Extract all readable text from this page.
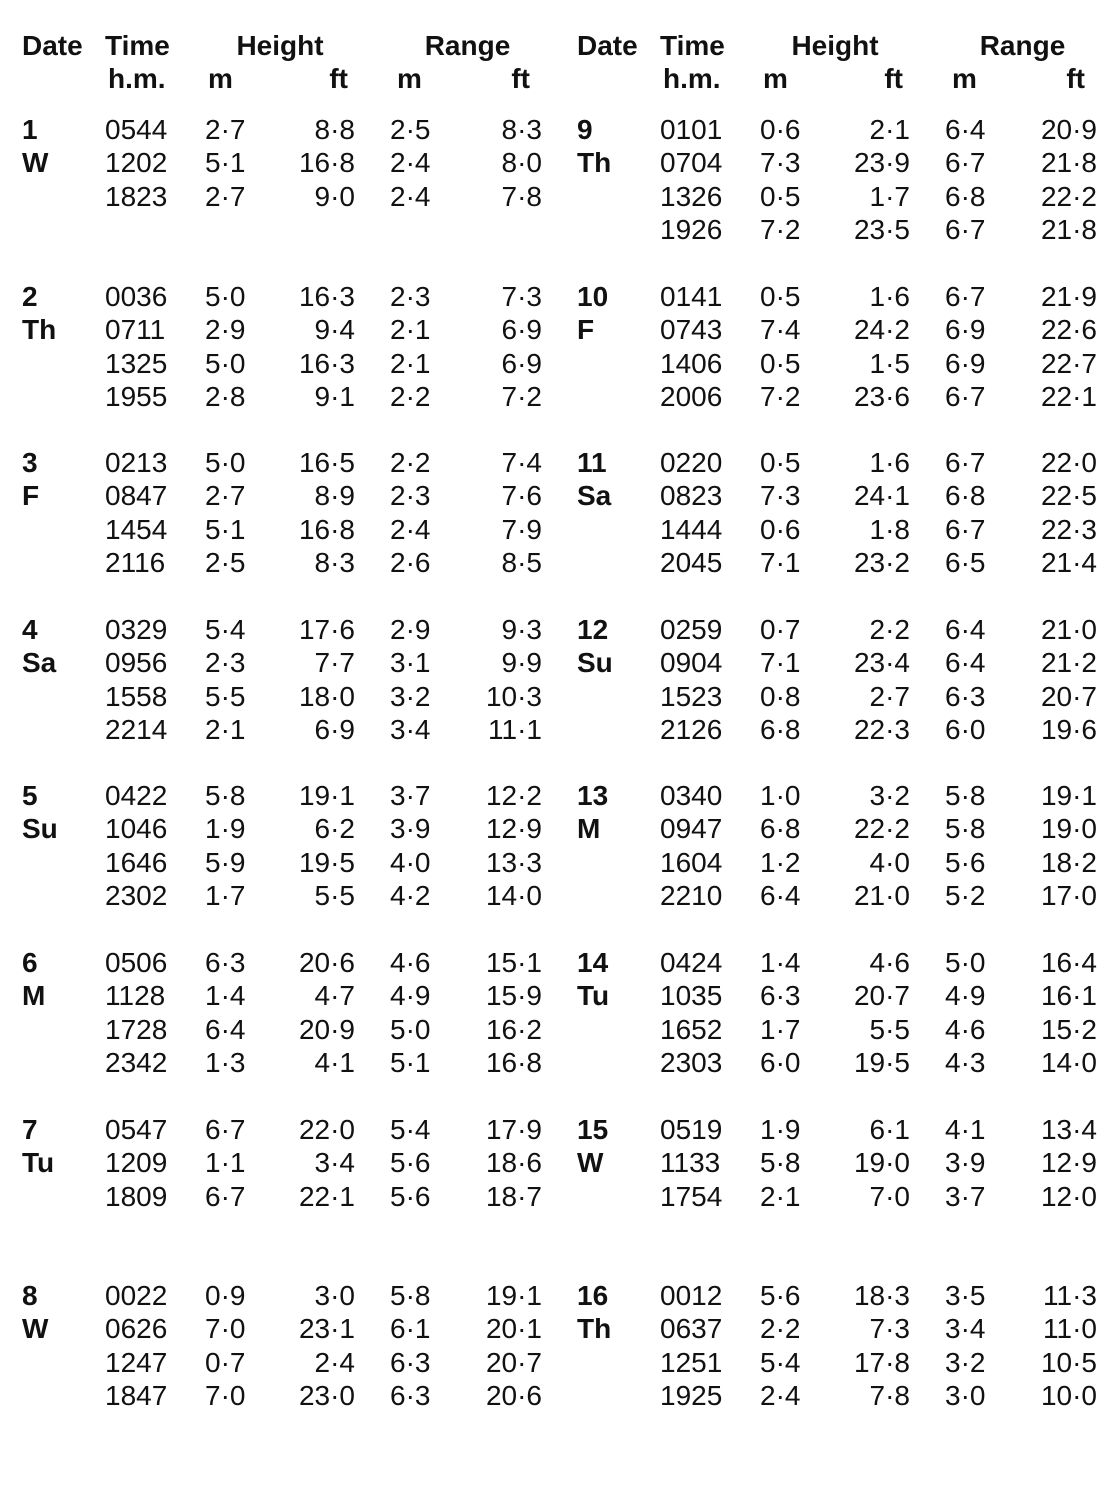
Date Time	Height	Range
h.m. m	ft m	ft
1
W
0544 2·7 8·8 2·5	8·3
1202 5·1 16·8 2·4	8·0
1823 2·7 9·0 2·4	7·8
2
Th
0036 5·0 16·3 2·3	7·3
0711 2·9 9·4 2·1	6·9
1325 5·0 16·3 2·1	6·9
1955 2·8 9·1 2·2	7·2
3
F
0213 5·0 16·5 2·2	7·4
0847 2·7 8·9 2·3	7·6
1454 5·1 16·8 2·4	7·9
2116 2·5 8·3 2·6	8·5
4
Sa
0329 5·4 17·6 2·9	9·3
0956 2·3 7·7 3·1	9·9
1558 5·5 18·0 3·2 10·3
2214 2·1 6·9 3·4 11·1
5
Su
0422 5·8 19·1 3·7 12·2
1046 1·9 6·2 3·9 12·9
1646 5·9 19·5 4·0 13·3
2302 1·7 5·5 4·2 14·0
6
M
0506 6·3 20·6 4·6 15·1
1128 1·4 4·7 4·9 15·9
1728 6·4 20·9 5·0 16·2
2342 1·3 4·1 5·1 16·8
7
Tu
0547 6·7 22·0 5·4 17·9
1209 1·1 3·4 5·6 18·6
1809 6·7 22·1 5·6 18·7
8
W
0022 0·9 3·0 5·8 19·1
0626 7·0 23·1 6·1 20·1
1247 0·7 2·4 6·3 20·7
1847 7·0 23·0 6·3 20·6
Date Time	Height	Range
h.m. m	ft m	ft
9
Th
0101 0·6 2·1 6·4 20·9
0704 7·3 23·9 6·7 21·8
1326 0·5 1·7 6·8 22·2
1926 7·2 23·5 6·7 21·8
10
F
0141 0·5 1·6 6·7 21·9
0743 7·4 24·2 6·9 22·6
1406 0·5 1·5 6·9 22·7
2006 7·2 23·6 6·7 22·1
11
Sa
0220 0·5 1·6 6·7 22·0
0823 7·3 24·1 6·8 22·5
1444 0·6 1·8 6·7 22·3
2045 7·1 23·2 6·5 21·4
12
Su
0259 0·7 2·2 6·4 21·0
0904 7·1 23·4 6·4 21·2
1523 0·8 2·7 6·3 20·7
2126 6·8 22·3 6·0 19·6
13
M
0340 1·0 3·2 5·8 19·1
0947 6·8 22·2 5·8 19·0
1604 1·2 4·0 5·6 18·2
2210 6·4 21·0 5·2 17·0
14
Tu
0424 1·4 4·6 5·0 16·4
1035 6·3 20·7 4·9 16·1
1652 1·7 5·5 4·6 15·2
2303 6·0 19·5 4·3 14·0
15
W
0519 1·9 6·1 4·1 13·4
1133 5·8 19·0 3·9 12·9
1754 2·1 7·0 3·7 12·0
16
Th
0012 5·6 18·3 3·5 11·3
0637 2·2 7·3 3·4 11·0
1251 5·4 17·8 3·2 10·5
1925 2·4 7·8 3·0 10·0
